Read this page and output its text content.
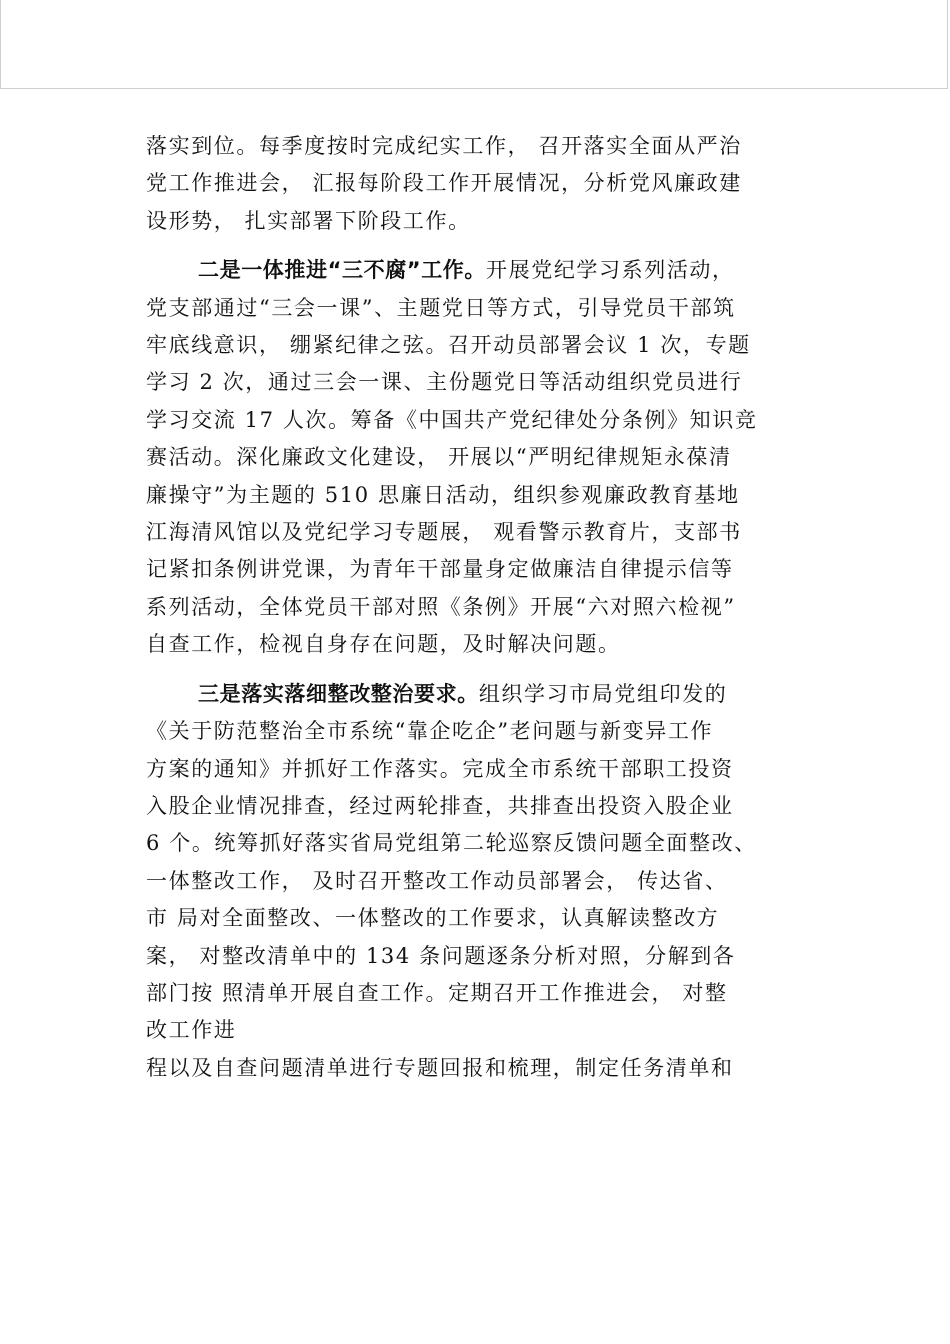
落实到位。每季度按时完成纪实工作， 召开落实全面从严治
党工作推进会， 汇报每阶段工作开展情况，分析党风廉政建
设形势， 扎实部署下阶段工作。

二是一体推进“三不腐”工作。开展党纪学习系列活动，
党支部通过“三会一课”、主题党日等方式，引导党员干部筑
牢底线意识， 绷紧纪律之弦。召开动员部署会议 1 次，专题
学习 2 次，通过三会一课、主份题党日等活动组织党员进行
学习交流 17 人次。筹备《中国共产党纪律处分条例》知识竞
赛活动。深化廉政文化建设， 开展以“严明纪律规矩永葆清
廉操守”为主题的 510 思廉日活动，组织参观廉政教育基地
江海清风馆以及党纪学习专题展， 观看警示教育片，支部书
记紧扣条例讲党课，为青年干部量身定做廉洁自律提示信等
系列活动，全体党员干部对照《条例》开展“六对照六检视”
自查工作，检视自身存在问题，及时解决问题。

三是落实落细整改整治要求。组织学习市局党组印发的
《关于防范整治全市系统“靠企吃企”老问题与新变异工作
方案的通知》并抓好工作落实。完成全市系统干部职工投资
入股企业情况排查，经过两轮排查，共排查出投资入股企业
6 个。统筹抓好落实省局党组第二轮巡察反馈问题全面整改、
一体整改工作， 及时召开整改工作动员部署会， 传达省、
市 局对全面整改、一体整改的工作要求，认真解读整改方
案， 对整改清单中的 134 条问题逐条分析对照，分解到各
部门按 照清单开展自查工作。定期召开工作推进会， 对整
改工作进
程以及自查问题清单进行专题回报和梳理，制定任务清单和
